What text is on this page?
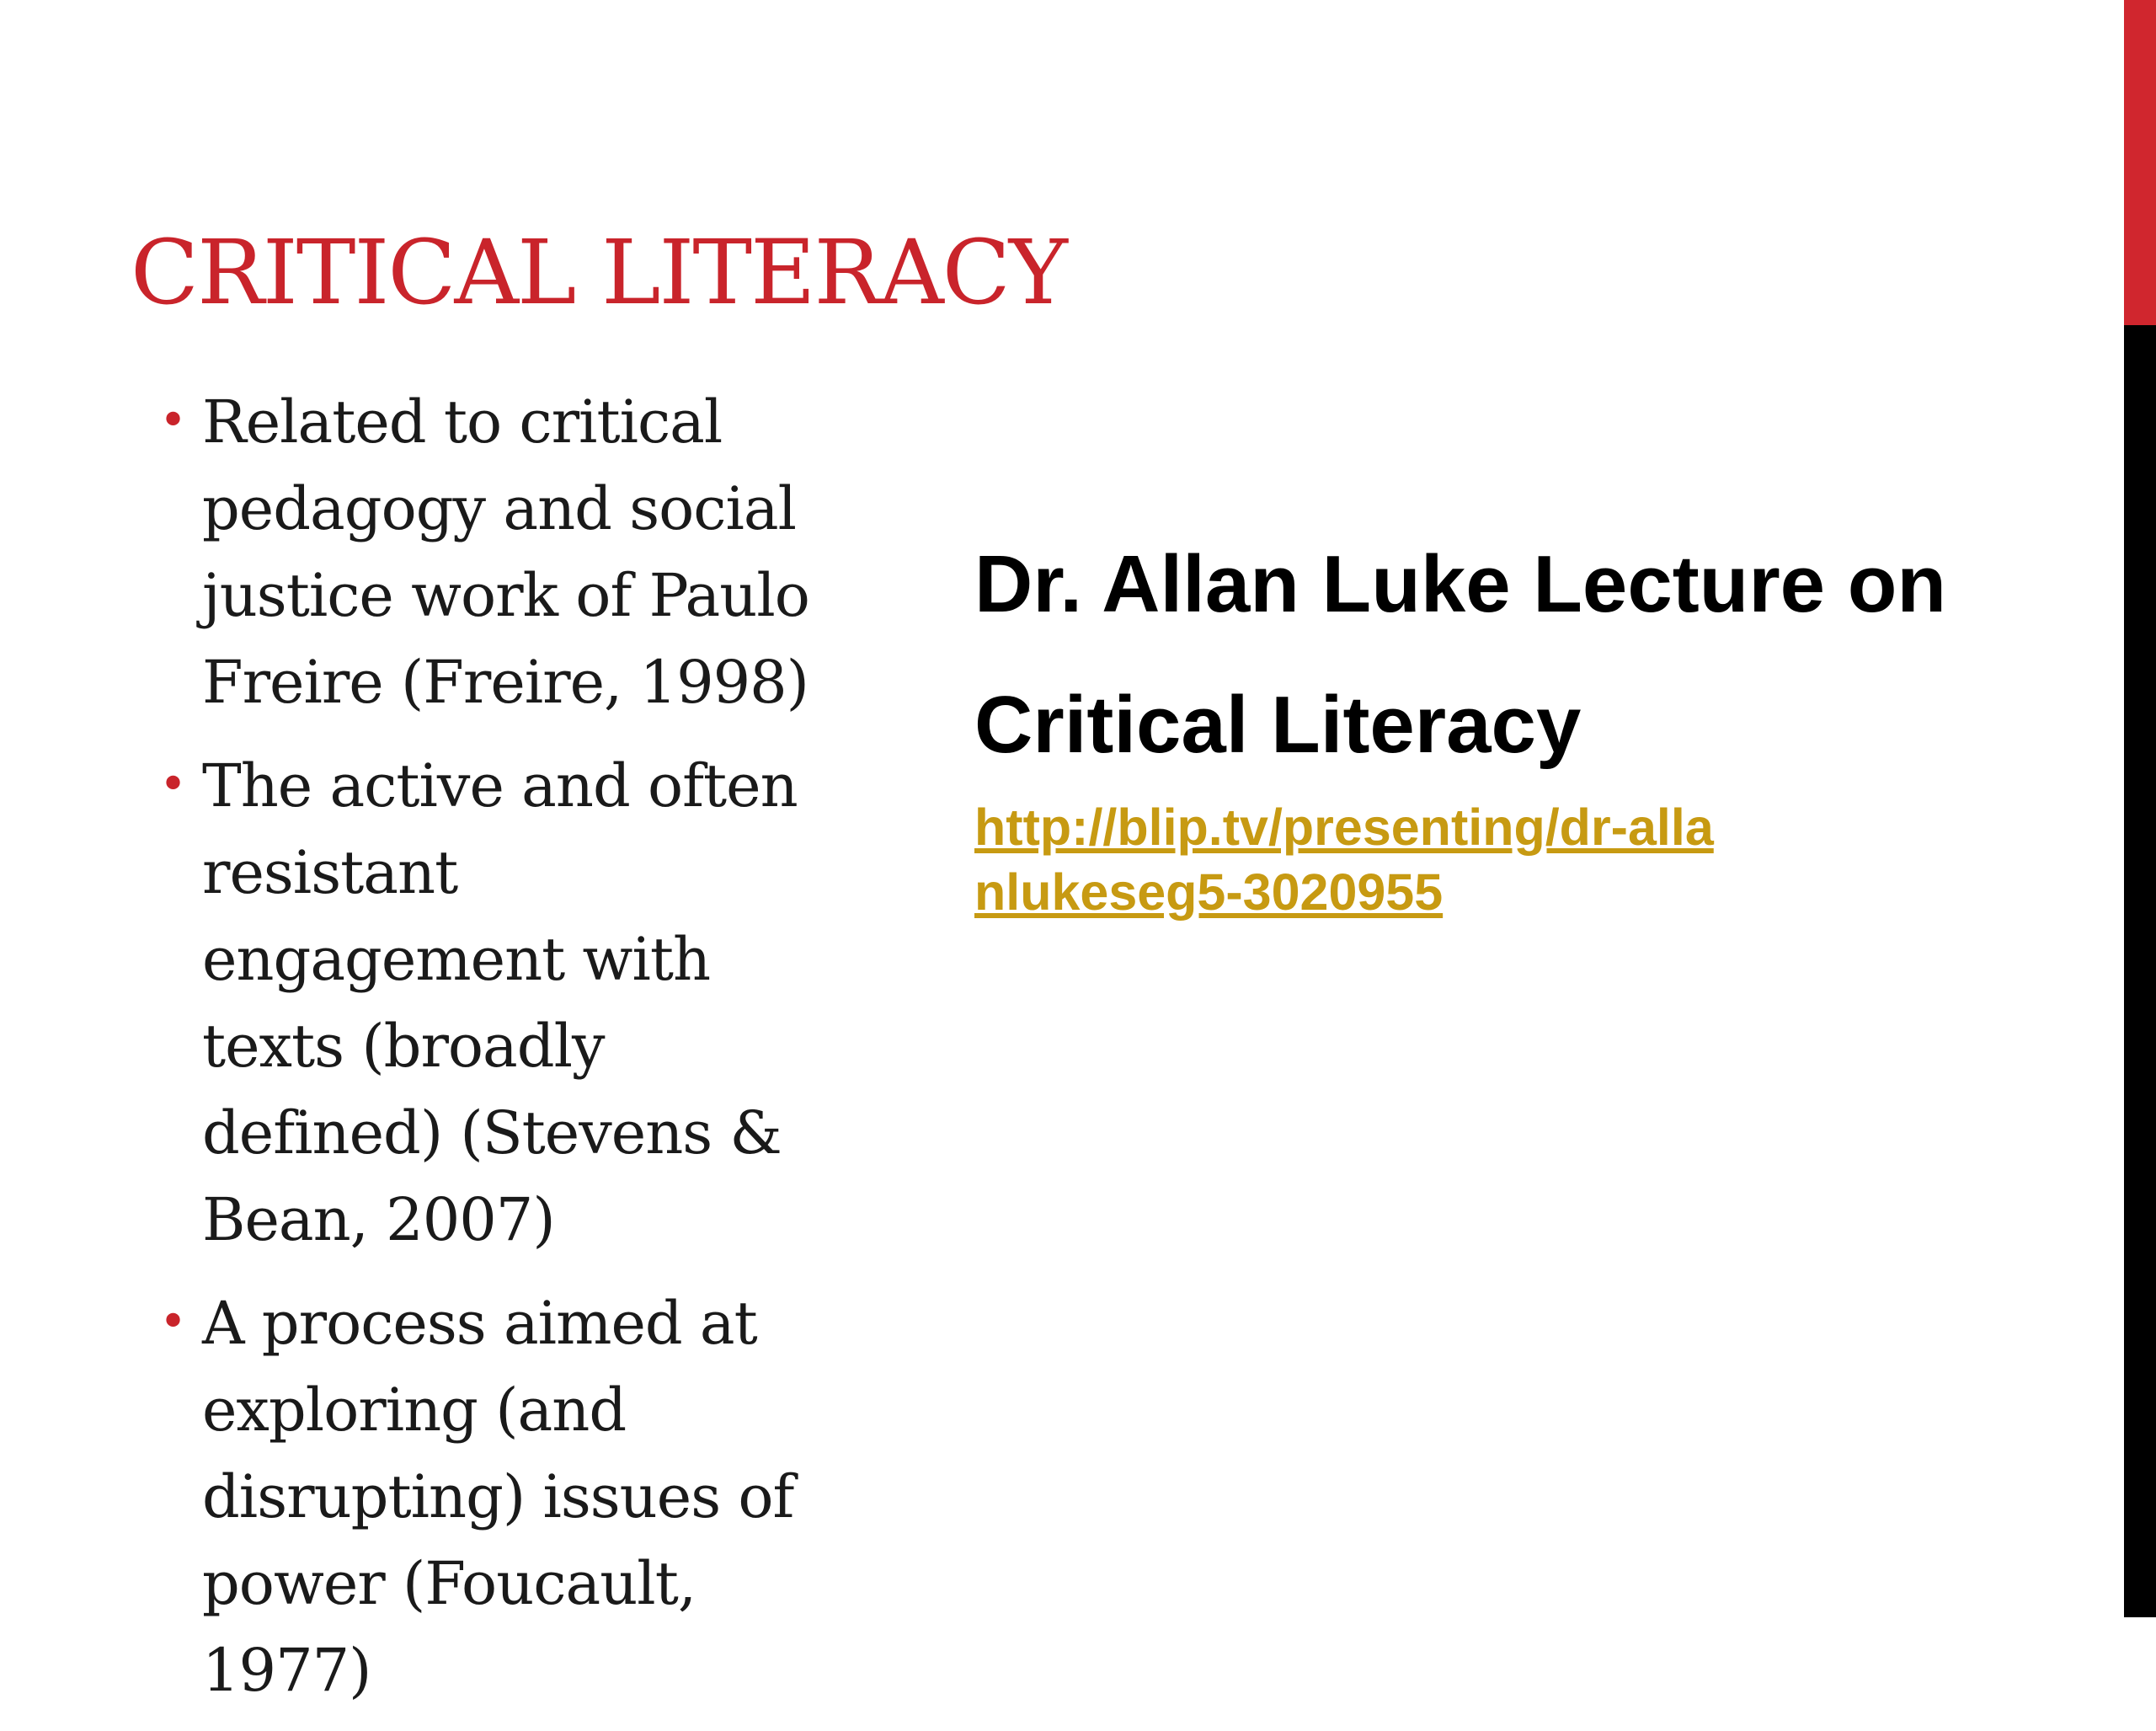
CRITICAL LITERACY
• Related to critical pedagogy and social justice work of Paulo Freire (Freire, 1998)
• The active and often resistant engagement with texts (broadly defined) (Stevens & Bean, 2007)
• A process aimed at exploring (and disrupting) issues of power (Foucault, 1977)
Dr. Allan Luke Lecture on Critical Literacy
http://blip.tv/presenting/dr-allanlukeseg5-3020955
